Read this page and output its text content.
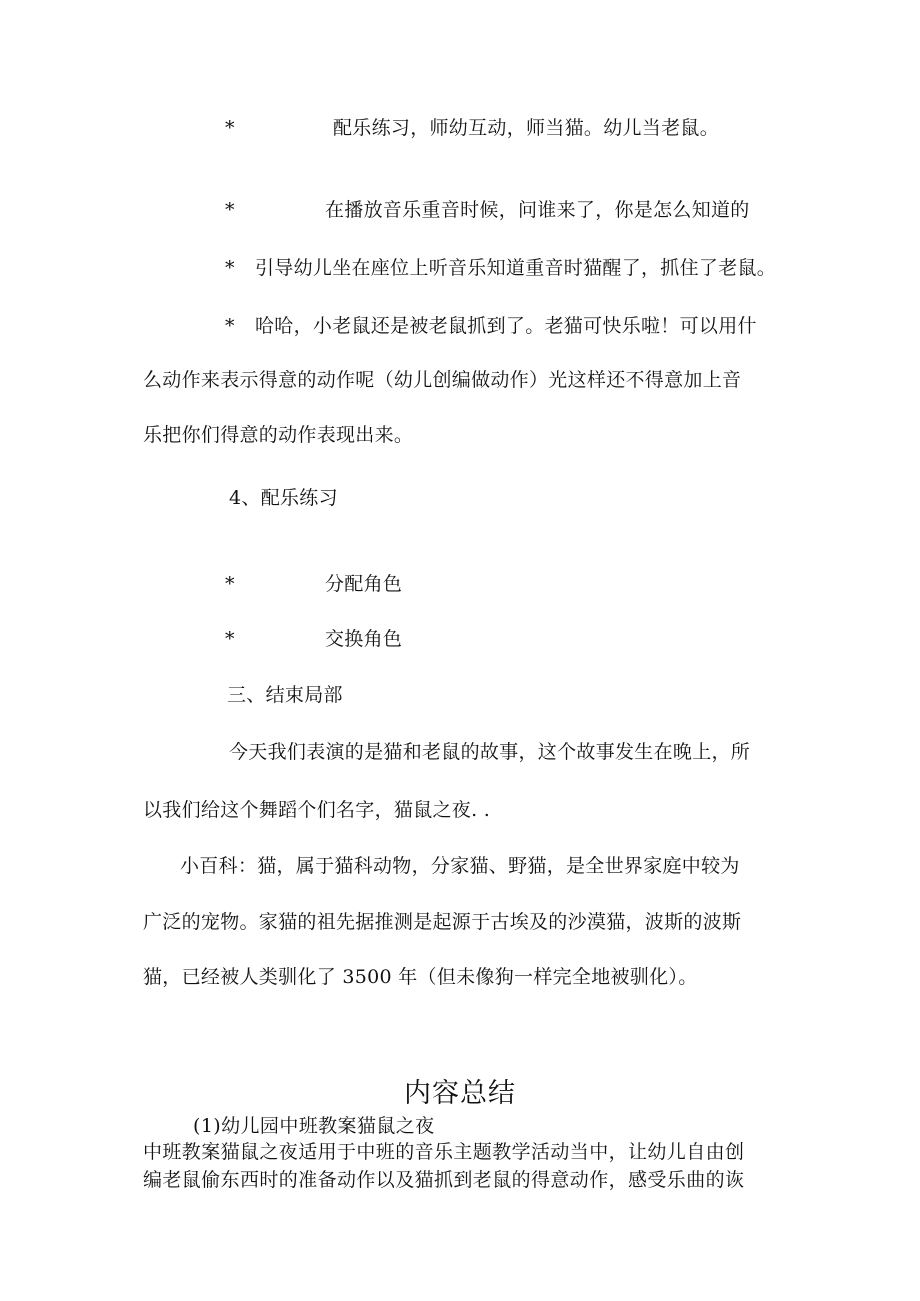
*	配乐练习，师幼互动，师当猫。幼儿当老鼠。
*	在播放音乐重音时候，问谁来了，你是怎么知道的
* 引导幼儿坐在座位上听音乐知道重音时猫醒了，抓住了老鼠。
* 哈哈，小老鼠还是被老鼠抓到了。老猫可快乐啦！可以用什
么动作来表示得意的动作呢（幼儿创编做动作）光这样还不得意加上音
乐把你们得意的动作表现出来。
4、配乐练习
*	分配角色
*	交换角色
三、结束局部
今天我们表演的是猫和老鼠的故事，这个故事发生在晚上，所
以我们给这个舞蹈个们名字，猫鼠之夜. .
小百科：猫，属于猫科动物，分家猫、野猫，是全世界家庭中较为
广泛的宠物。家猫的祖先据推测是起源于古埃及的沙漠猫，波斯的波斯
猫，已经被人类驯化了 3500 年（但未像狗一样完全地被驯化）。
内容总结
(1)幼儿园中班教案猫鼠之夜
中班教案猫鼠之夜适用于中班的音乐主题教学活动当中，让幼儿自由创
编老鼠偷东西时的准备动作以及猫抓到老鼠的得意动作，感受乐曲的诙
